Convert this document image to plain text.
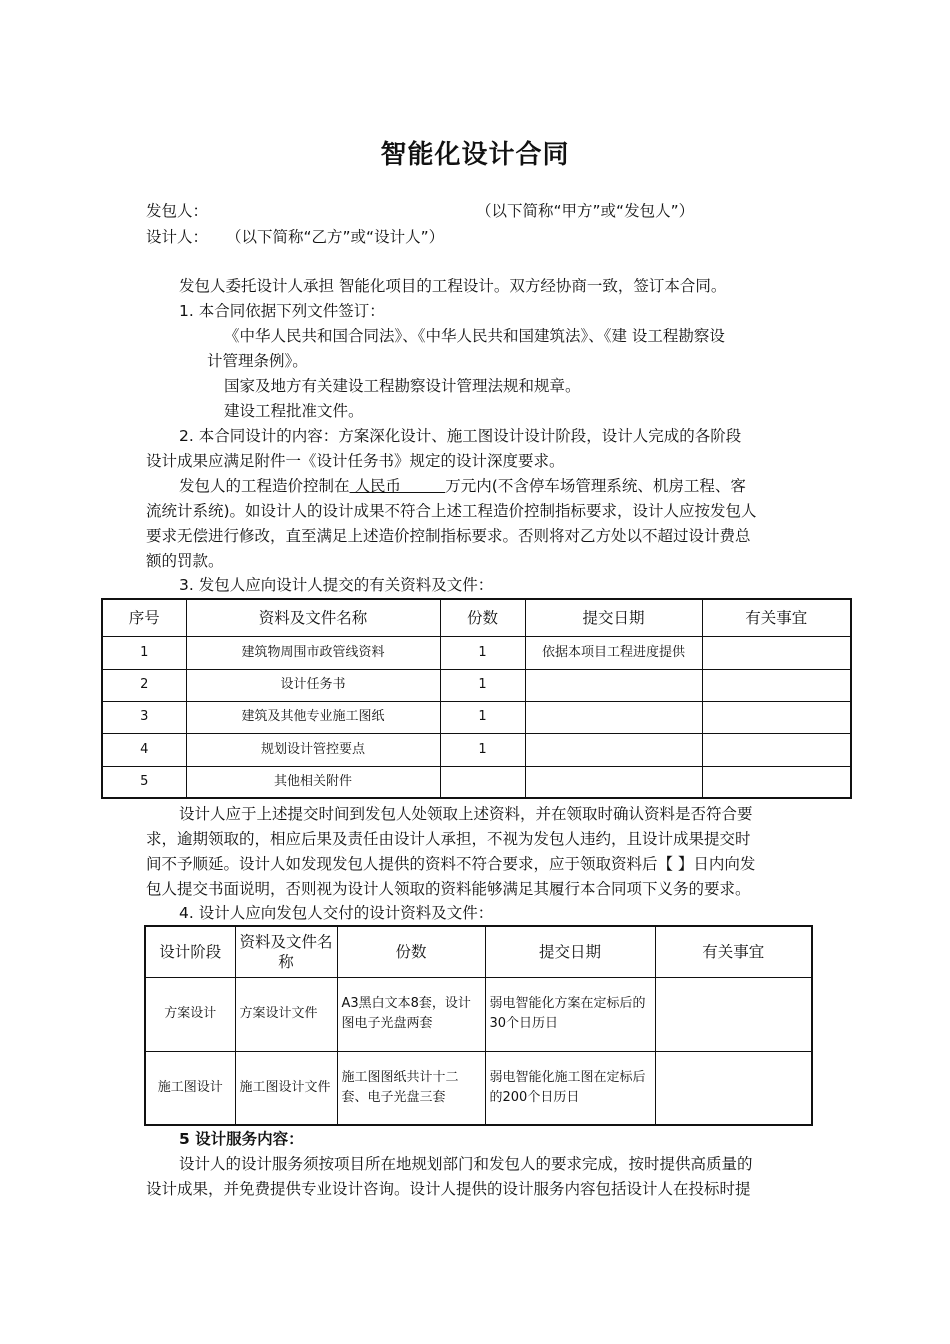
智能化设计合同
发包人：	（以下简称“甲方”或“发包人”）
设计人： （以下简称“乙方”或“设计人”）
发包人委托设计人承担 智能化项目的工程设计。双方经协商一致，签订本合同。
1. 本合同依据下列文件签订：
《中华人民共和国合同法》、《中华人民共和国建筑法》、《建 设工程勘察设
计管理条例》。
国家及地方有关建设工程勘察设计管理法规和规章。
建设工程批准文件。
2. 本合同设计的内容：方案深化设计、施工图设计设计阶段，设计人完成的各阶段
设计成果应满足附件一《设计任务书》规定的设计深度要求。
发包人的工程造价控制在 人民币         万元内(不含停车场管理系统、机房工程、客
流统计系统)。如设计人的设计成果不符合上述工程造价控制指标要求，设计人应按发包人
要求无偿进行修改，直至满足上述造价控制指标要求。否则将对乙方处以不超过设计费总
额的罚款。
3. 发包人应向设计人提交的有关资料及文件：
序号	资料及文件名称	份数	提交日期	有关事宜
1	建筑物周围市政管线资料	1	依据本项目工程进度提供	
2	设计任务书	1		
3	建筑及其他专业施工图纸	1		
4	规划设计管控要点	1		
5	其他相关附件			
设计人应于上述提交时间到发包人处领取上述资料，并在领取时确认资料是否符合要
求，逾期领取的，相应后果及责任由设计人承担，不视为发包人违约，且设计成果提交时
间不予顺延。设计人如发现发包人提供的资料不符合要求，应于领取资料后【 】日内向发
包人提交书面说明，否则视为设计人领取的资料能够满足其履行本合同项下义务的要求。
4. 设计人应向发包人交付的设计资料及文件：
设计阶段	资料及文件名称	份数	提交日期	有关事宜
方案设计	方案设计文件	A3黑白文本8套，设计图电子光盘两套	弱电智能化方案在定标后的30个日历日	
施工图设计	施工图设计文件	施工图图纸共计十二套、电子光盘三套	弱电智能化施工图在定标后的200个日历日	
5 设计服务内容：
设计人的设计服务须按项目所在地规划部门和发包人的要求完成，按时提供高质量的
设计成果，并免费提供专业设计咨询。设计人提供的设计服务内容包括设计人在投标时提
